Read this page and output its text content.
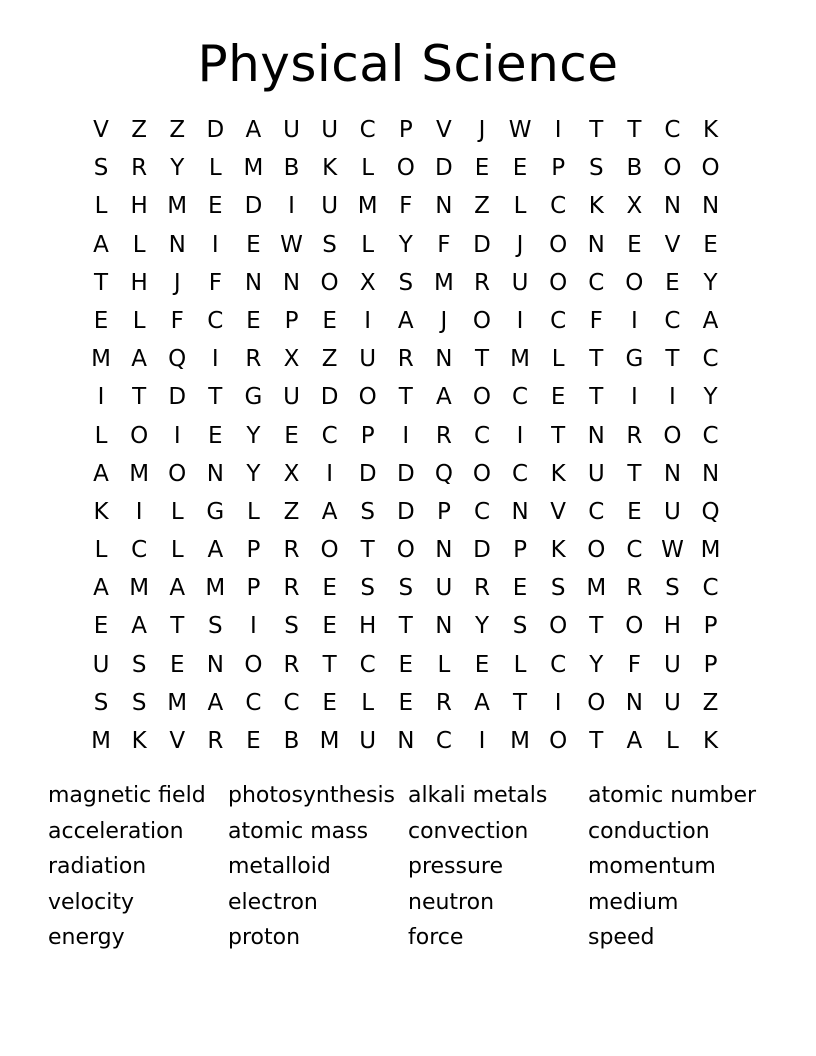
Physical Science
V Z Z D A U U C	P	V	J	W	I	T	T	C K
S R	Y	L M B K	L O D E	E	P	S B O O
L	H M E D	I	U M F N Z	L	C K X N N
A	L	N	I	E W S	L	Y	F D	J	O N E V E
T H	J	F N N O X S M R U O C O E	Y
E	L	F	C E	P	E	I	A	J	O	I	C	F	I	C A
M A Q	I	R X Z U R N T M L	T G T	C
I	T D T G U D O T	A O C E	T	I	I	Y
L O	I	E	Y	E C	P	I	R C	I	T N R O C
A M O N Y	X	I	D D Q O C K U T N N
K	I	L G L	Z A S D P	C N V C E U Q
L	C	L	A	P	R O T O N D P	K O C W M
A M A M P	R E	S	S U R E	S M R S C
E A	T	S	I	S	E H T N Y	S O T O H P
U S	E N O R	T	C E	L	E	L	C	Y	F	U P
S	S M A C C E	L	E R A	T	I	O N U Z
M K V R E B M U N C	I	M O T	A	L	K
magnetic field	photosynthesis alkali metals	atomic number
acceleration	atomic mass	convection	conduction
radiation	metalloid	pressure	momentum
velocity	electron	neutron	medium
energy	proton	force	speed
